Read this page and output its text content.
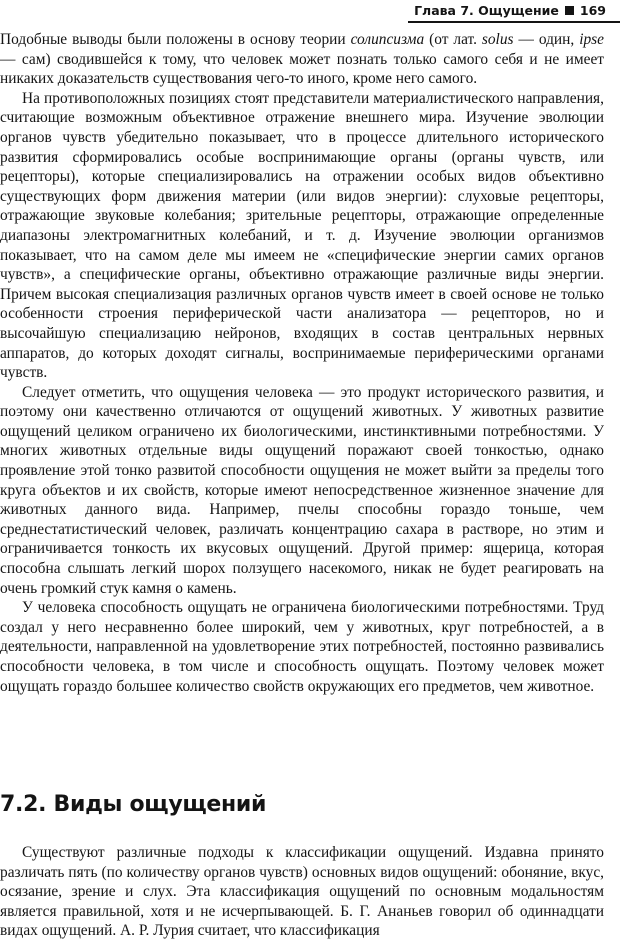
Глава 7. Ощущение 169

Подобные выводы были положены в основу теории солипсизма (от лат. solus — один, ipse — сам) сводившейся к тому, что человек может познать только самого себя и не имеет никаких доказательств существования чего-то иного, кроме него самого.

На противоположных позициях стоят представители материалистического направления, считающие возможным объективное отражение внешнего мира. Изучение эволюции органов чувств убедительно показывает, что в процессе длительного исторического развития сформировались особые воспринимающие органы (органы чувств, или рецепторы), которые специализировались на отражении особых видов объективно существующих форм движения материи (или видов энергии): слуховые рецепторы, отражающие звуковые колебания; зрительные рецепторы, отражающие определенные диапазоны электромагнитных колебаний, и т. д. Изучение эволюции организмов показывает, что на самом деле мы имеем не «специфические энергии самих органов чувств», а специфические органы, объективно отражающие различные виды энергии. Причем высокая специализация различных органов чувств имеет в своей основе не только особенности строения периферической части анализатора — рецепторов, но и высочайшую специализацию нейронов, входящих в состав центральных нервных аппаратов, до которых доходят сигналы, воспринимаемые периферическими органами чувств.

Следует отметить, что ощущения человека — это продукт исторического развития, и поэтому они качественно отличаются от ощущений животных. У животных развитие ощущений целиком ограничено их биологическими, инстинктивными потребностями. У многих животных отдельные виды ощущений поражают своей тонкостью, однако проявление этой тонко развитой способности ощущения не может выйти за пределы того круга объектов и их свойств, которые имеют непосредственное жизненное значение для животных данного вида. Например, пчелы способны гораздо тоньше, чем среднестатистический человек, различать концентрацию сахара в растворе, но этим и ограничивается тонкость их вкусовых ощущений. Другой пример: ящерица, которая способна слышать легкий шорох ползущего насекомого, никак не будет реагировать на очень громкий стук камня о камень.

У человека способность ощущать не ограничена биологическими потребностями. Труд создал у него несравненно более широкий, чем у животных, круг потребностей, а в деятельности, направленной на удовлетворение этих потребностей, постоянно развивались способности человека, в том числе и способность ощущать. Поэтому человек может ощущать гораздо большее количество свойств окружающих его предметов, чем животное.

7.2. Виды ощущений

Существуют различные подходы к классификации ощущений. Издавна принято различать пять (по количеству органов чувств) основных видов ощущений: обоняние, вкус, осязание, зрение и слух. Эта классификация ощущений по основным модальностям является правильной, хотя и не исчерпывающей. Б. Г. Ананьев говорил об одиннадцати видах ощущений. А. Р. Лурия считает, что классификация
